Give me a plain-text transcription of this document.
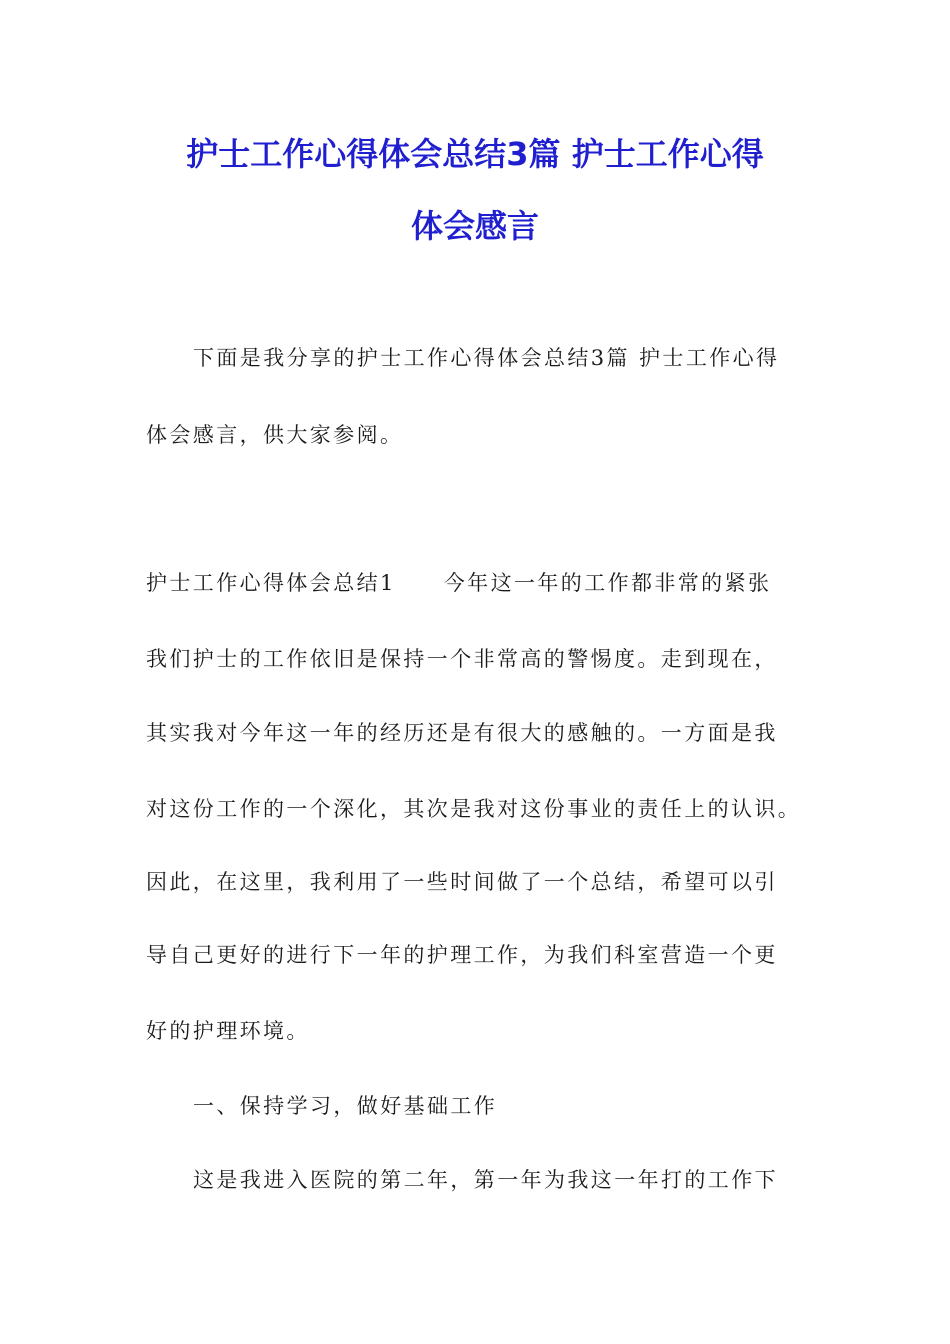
护士工作心得体会总结3篇 护士工作心得
体会感言

下面是我分享的护士工作心得体会总结3篇 护士工作心得

体会感言，供大家参阅。

护士工作心得体会总结1 今年这一年的工作都非常的紧张

我们护士的工作依旧是保持一个非常高的警惕度。走到现在，

其实我对今年这一年的经历还是有很大的感触的。一方面是我

对这份工作的一个深化，其次是我对这份事业的责任上的认识。

因此，在这里，我利用了一些时间做了一个总结，希望可以引

导自己更好的进行下一年的护理工作，为我们科室营造一个更

好的护理环境。

一、保持学习，做好基础工作

这是我进入医院的第二年，第一年为我这一年打的工作下
